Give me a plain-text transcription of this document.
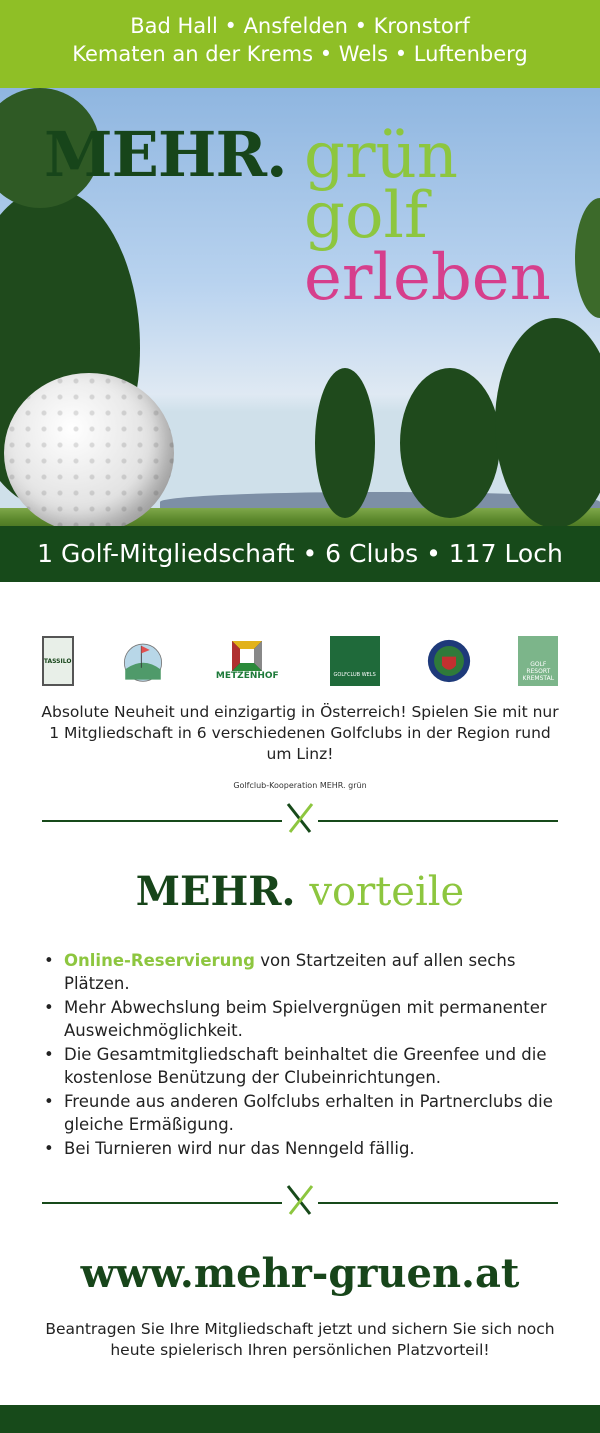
Bad Hall • Ansfelden • Kronstorf
Kematen an der Krems • Wels • Luftenberg
MEHR. grün
golf
erleben
1 Golf-Mitgliedschaft • 6 Clubs • 117 Loch
TASSILO
METZENHOF	GOLFCLUB WELS
GOLF RESORT KREMSTAL

Absolute Neuheit und einzigartig in Österreich! Spielen Sie mit nur 1 Mitgliedschaft in 6 verschiedenen Golfclubs in der Region rund um Linz!

Golfclub-Kooperation MEHR. grün

MEHR. vorteile
• Online-Reservierung von Startzeiten auf allen sechs Plätzen.
• Mehr Abwechslung beim Spielvergnügen mit permanenter Ausweichmöglichkeit.
• Die Gesamtmitgliedschaft beinhaltet die Greenfee und die kostenlose Benützung der Clubeinrichtungen.
• Freunde aus anderen Golfclubs erhalten in Partnerclubs die gleiche Ermäßigung.
• Bei Turnieren wird nur das Nenngeld fällig.
www.mehr-gruen.at

Beantragen Sie Ihre Mitgliedschaft jetzt und sichern Sie sich noch heute spielerisch Ihren persönlichen Platzvorteil!
